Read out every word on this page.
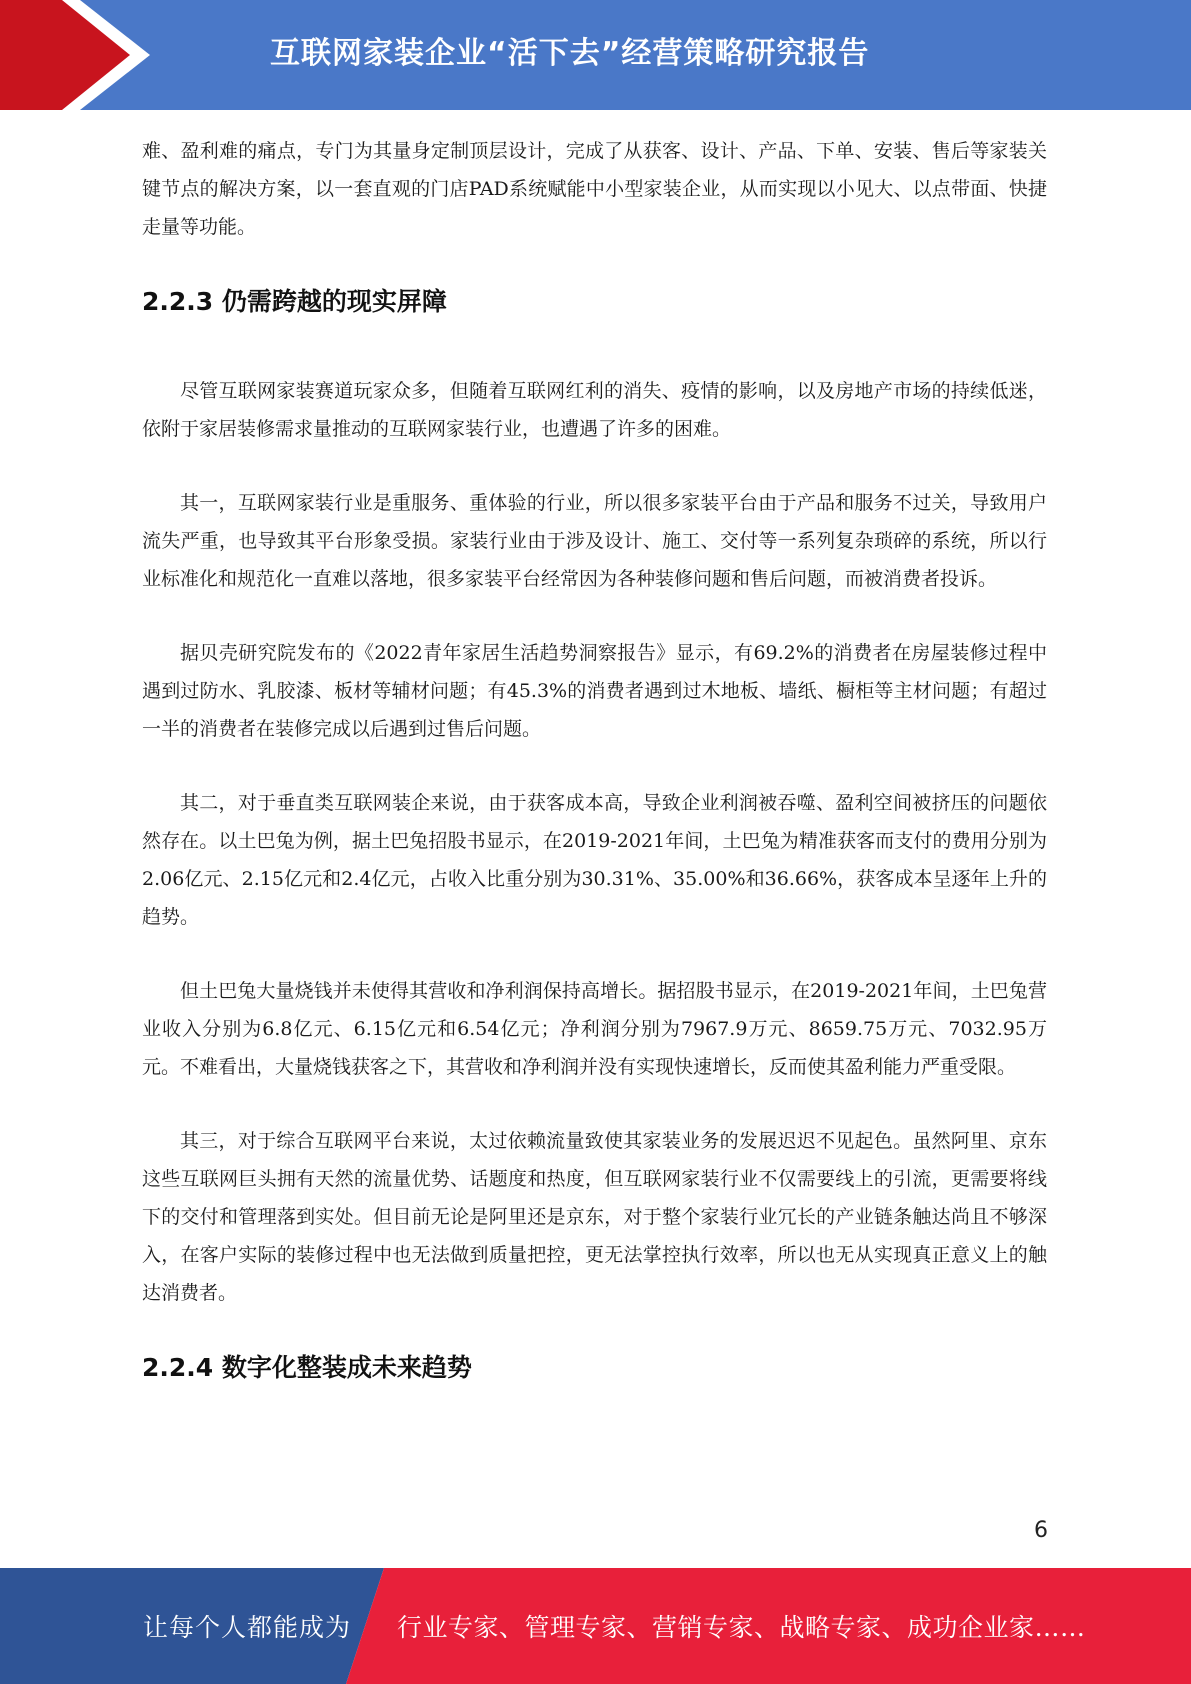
互联网家装企业“活下去”经营策略研究报告

难、盈利难的痛点，专门为其量身定制顶层设计，完成了从获客、设计、产品、下单、安装、售后等家装关键节点的解决方案，以一套直观的门店PAD系统赋能中小型家装企业，从而实现以小见大、以点带面、快捷走量等功能。

2.2.3 仍需跨越的现实屏障

尽管互联网家装赛道玩家众多，但随着互联网红利的消失、疫情的影响，以及房地产市场的持续低迷，依附于家居装修需求量推动的互联网家装行业，也遭遇了许多的困难。

其一，互联网家装行业是重服务、重体验的行业，所以很多家装平台由于产品和服务不过关，导致用户流失严重，也导致其平台形象受损。家装行业由于涉及设计、施工、交付等一系列复杂琐碎的系统，所以行业标准化和规范化一直难以落地，很多家装平台经常因为各种装修问题和售后问题，而被消费者投诉。

据贝壳研究院发布的《2022青年家居生活趋势洞察报告》显示，有69.2%的消费者在房屋装修过程中遇到过防水、乳胶漆、板材等辅材问题；有45.3%的消费者遇到过木地板、墙纸、橱柜等主材问题；有超过一半的消费者在装修完成以后遇到过售后问题。

其二，对于垂直类互联网装企来说，由于获客成本高，导致企业利润被吞噬、盈利空间被挤压的问题依然存在。以土巴兔为例，据土巴兔招股书显示，在2019-2021年间，土巴兔为精准获客而支付的费用分别为2.06亿元、2.15亿元和2.4亿元，占收入比重分别为30.31%、35.00%和36.66%，获客成本呈逐年上升的趋势。

但土巴兔大量烧钱并未使得其营收和净利润保持高增长。据招股书显示，在2019-2021年间，土巴兔营业收入分别为6.8亿元、6.15亿元和6.54亿元；净利润分别为7967.9万元、8659.75万元、7032.95万元。不难看出，大量烧钱获客之下，其营收和净利润并没有实现快速增长，反而使其盈利能力严重受限。

其三，对于综合互联网平台来说，太过依赖流量致使其家装业务的发展迟迟不见起色。虽然阿里、京东这些互联网巨头拥有天然的流量优势、话题度和热度，但互联网家装行业不仅需要线上的引流，更需要将线下的交付和管理落到实处。但目前无论是阿里还是京东，对于整个家装行业冗长的产业链条触达尚且不够深入，在客户实际的装修过程中也无法做到质量把控，更无法掌控执行效率，所以也无从实现真正意义上的触达消费者。

2.2.4 数字化整装成未来趋势
6
让每个人都能成为 行业专家、管理专家、营销专家、战略专家、成功企业家……
